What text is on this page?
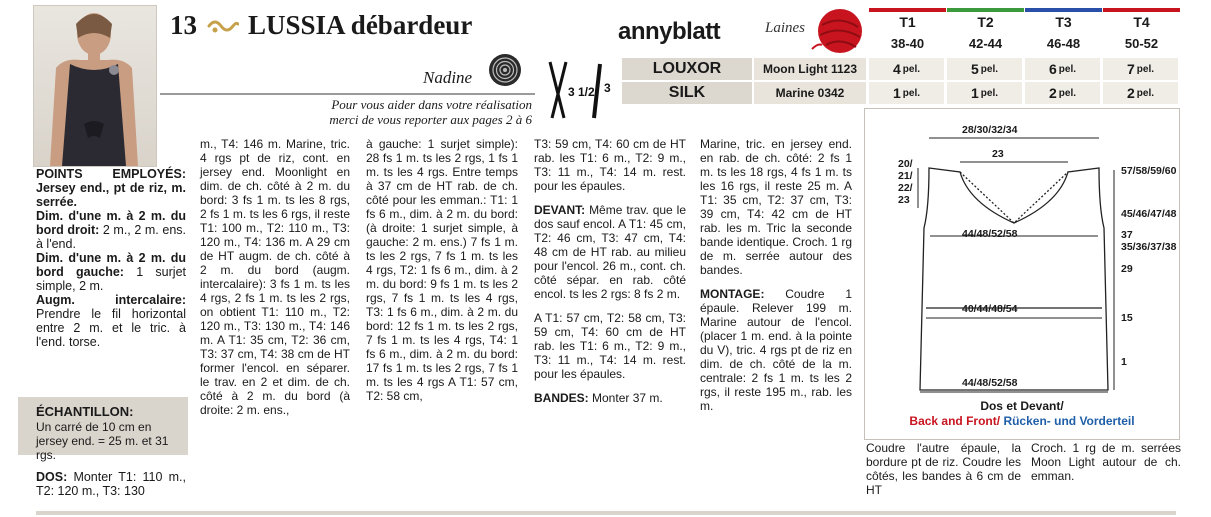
13 LUSSIA débardeur
Nadine
Pour vous aider dans votre réalisation
merci de vous reporter aux pages 2 à 6
3 1/2 3
annyblatt	Laines	T1	T2	T3	T4
38-40	42-44	46-48	50-52
LOUXOR	Moon Light 1123	4 pel.	5 pel.	6 pel.	7 pel.
SILK	Marine 0342	1 pel.	1 pel.	2 pel.	2 pel.
POINTS EMPLOYÉS: Jersey end., pt de riz, m. serrée.
Dim. d'une m. à 2 m. du bord droit: 2 m., 2 m. ens. à l'end.
Dim. d'une m. à 2 m. du bord gauche: 1 surjet simple, 2 m.
Augm. intercalaire: Prendre le fil horizontal entre 2 m. et le tric. à l'end. torse.
ÉCHANTILLON:
Un carré de 10 cm en jersey end. = 25 m. et 31 rgs.
DOS: Monter T1: 110 m., T2: 120 m., T3: 130
m., T4: 146 m. Marine, tric. 4 rgs pt de riz, cont. en jersey end. Moonlight en dim. de ch. côté à 2 m. du bord: 3 fs 1 m. ts les 8 rgs, 2 fs 1 m. ts les 6 rgs, il reste T1: 100 m., T2: 110 m., T3: 120 m., T4: 136 m. A 29 cm de HT augm. de ch. côté à 2 m. du bord (augm. intercalaire): 3 fs 1 m. ts les 4 rgs, 2 fs 1 m. ts les 2 rgs, on obtient T1: 110 m., T2: 120 m., T3: 130 m., T4: 146 m. A T1: 35 cm, T2: 36 cm, T3: 37 cm, T4: 38 cm de HT former l'encol. en séparer. le trav. en 2 et dim. de ch. côté à 2 m. du bord (à droite: 2 m. ens.,
à gauche: 1 surjet simple): 28 fs 1 m. ts les 2 rgs, 1 fs 1 m. ts les 4 rgs. Entre temps à 37 cm de HT rab. de ch. côté pour les emman.: T1: 1 fs 6 m., dim. à 2 m. du bord: (à droite: 1 surjet simple, à gauche: 2 m. ens.) 7 fs 1 m. ts les 2 rgs, 7 fs 1 m. ts les 4 rgs, T2: 1 fs 6 m., dim. à 2 m. du bord: 9 fs 1 m. ts les 2 rgs, 7 fs 1 m. ts les 4 rgs, T3: 1 fs 6 m., dim. à 2 m. du bord: 12 fs 1 m. ts les 2 rgs, 7 fs 1 m. ts les 4 rgs, T4: 1 fs 6 m., dim. à 2 m. du bord: 17 fs 1 m. ts les 2 rgs, 7 fs 1 m. ts les 4 rgs A T1: 57 cm, T2: 58 cm,

T3: 59 cm, T4: 60 cm de HT rab. les T1: 6 m., T2: 9 m., T3: 11 m., T4: 14 m. rest. pour les épaules.

DEVANT: Même trav. que le dos sauf encol. A T1: 45 cm, T2: 46 cm, T3: 47 cm, T4: 48 cm de HT rab. au milieu pour l'encol. 26 m., cont. ch. côté sépar. en rab. côté encol. ts les 2 rgs: 8 fs 2 m.

A T1: 57 cm, T2: 58 cm, T3: 59 cm, T4: 60 cm de HT rab. les T1: 6 m., T2: 9 m., T3: 11 m., T4: 14 m. rest. pour les épaules.

BANDES: Monter 37 m.

Marine, tric. en jersey end. en rab. de ch. côté: 2 fs 1 m. ts les 18 rgs, 4 fs 1 m. ts les 16 rgs, il reste 25 m. A T1: 35 cm, T2: 37 cm, T3: 39 cm, T4: 42 cm de HT rab. les m. Tric la seconde bande identique. Croch. 1 rg de m. serrée autour des bandes.

MONTAGE: Coudre 1 épaule. Relever 199 m. Marine autour de l'encol. (placer 1 m. end. à la pointe du V), tric. 4 rgs pt de riz en dim. de ch. côté de la m. centrale: 2 fs 1 m. ts les 2 rgs, il reste 195 m., rab. les m.

28/30/32/34
23
20/ 21/ 22/ 23
57/58/59/60
45/46/47/48
37
35/36/37/38
29
15
1
44/48/52/58
40/44/48/54
44/48/52/58
Dos et Devant/
Back and Front/ Rücken- und Vorderteil
Coudre l'autre épaule, la bordure pt de riz. Coudre les côtés, les bandes à 6 cm de HT
Croch. 1 rg de m. serrées Moon Light autour de ch. emman.
